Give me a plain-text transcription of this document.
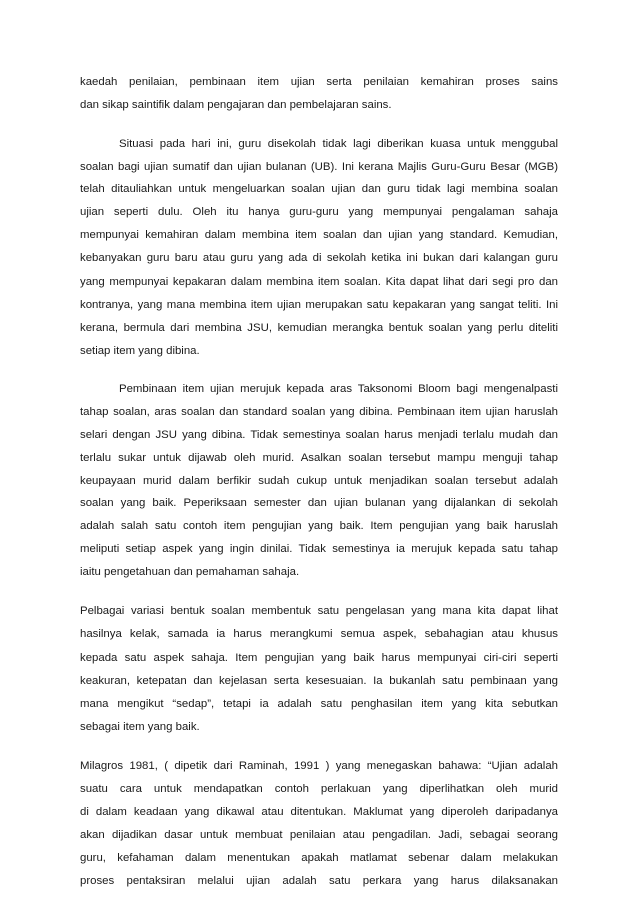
kaedah penilaian, pembinaan item ujian serta penilaian kemahiran proses sains
dan sikap saintifik dalam pengajaran dan pembelajaran sains.
Situasi pada hari ini, guru disekolah tidak lagi diberikan kuasa untuk menggubal
soalan bagi ujian sumatif dan ujian bulanan (UB). Ini kerana Majlis Guru-Guru Besar (MGB)
telah ditauliahkan untuk mengeluarkan soalan ujian dan guru tidak lagi membina soalan
ujian seperti dulu. Oleh itu hanya guru-guru yang mempunyai pengalaman sahaja
mempunyai kemahiran dalam membina item soalan dan ujian yang standard. Kemudian,
kebanyakan guru baru atau guru yang ada di sekolah ketika ini bukan dari kalangan guru
yang mempunyai kepakaran dalam membina item soalan. Kita dapat lihat dari segi pro dan
kontranya, yang mana membina item ujian merupakan satu kepakaran yang sangat teliti. Ini
kerana, bermula dari membina JSU, kemudian merangka bentuk soalan yang perlu diteliti
setiap item yang dibina.
Pembinaan item ujian merujuk kepada aras Taksonomi Bloom bagi mengenalpasti
tahap soalan, aras soalan dan standard soalan yang dibina. Pembinaan item ujian haruslah
selari dengan JSU yang dibina. Tidak semestinya soalan harus menjadi terlalu mudah dan
terlalu sukar untuk dijawab oleh murid. Asalkan soalan tersebut mampu menguji tahap
keupayaan murid dalam berfikir sudah cukup untuk menjadikan soalan tersebut adalah
soalan yang baik. Peperiksaan semester dan ujian bulanan yang dijalankan di sekolah
adalah salah satu contoh item pengujian yang baik. Item pengujian yang baik haruslah
meliputi setiap aspek yang ingin dinilai. Tidak semestinya ia merujuk kepada satu tahap
iaitu pengetahuan dan pemahaman sahaja.
Pelbagai variasi bentuk soalan membentuk satu pengelasan yang mana kita dapat lihat
hasilnya kelak, samada ia harus merangkumi semua aspek, sebahagian atau khusus
kepada satu aspek sahaja. Item pengujian yang baik harus mempunyai ciri-ciri seperti
keakuran, ketepatan dan kejelasan serta kesesuaian. Ia bukanlah satu pembinaan yang
mana mengikut “sedap”, tetapi ia adalah satu penghasilan item yang kita sebutkan
sebagai item yang baik.
Milagros 1981, ( dipetik dari Raminah, 1991 ) yang menegaskan bahawa: “Ujian adalah
suatu cara untuk mendapatkan contoh perlakuan yang diperlihatkan oleh murid
di dalam keadaan yang dikawal atau ditentukan. Maklumat yang diperoleh daripadanya
akan dijadikan dasar untuk membuat penilaian atau pengadilan. Jadi, sebagai seorang
guru, kefahaman dalam menentukan apakah matlamat sebenar dalam melakukan
proses pentaksiran melalui ujian adalah satu perkara yang harus dilaksanakan
